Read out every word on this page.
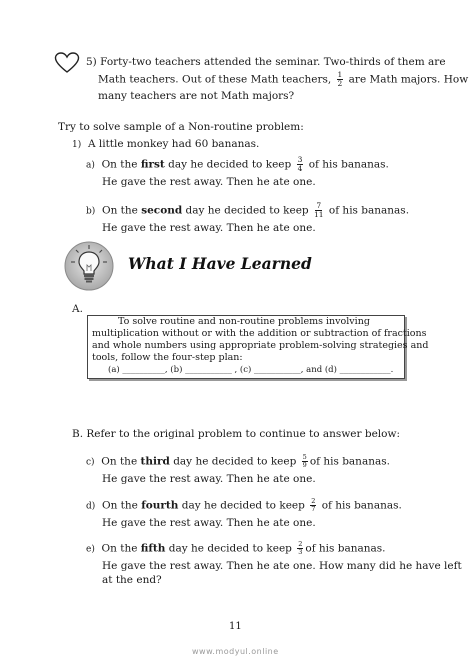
5) Forty-two teachers attended the seminar. Two-thirds of them are
Math teachers. Out of these Math teachers, $\frac{1}{2}$ are Math majors. How
many teachers are not Math majors?
Try to solve sample of a Non-routine problem:
1) A little monkey had 60 bananas.
a) On the first day he decided to keep $\frac{3}{4}$ of his bananas.
He gave the rest away. Then he ate one.
b) On the second day he decided to keep $\frac{7}{11}$ of his bananas.
He gave the rest away. Then he ate one.
What I Have Learned
A.
To solve routine and non-routine problems involving
multiplication without or with the addition or subtraction of fractions
and whole numbers using appropriate problem-solving strategies and
tools, follow the four-step plan:
(a) __________, (b) ___________ , (c) ___________, and (d) ____________.
B. Refer to the original problem to continue to answer below:
c) On the third day he decided to keep $\frac{5}{9}$ of his bananas.
He gave the rest away. Then he ate one.
d) On the fourth day he decided to keep $\frac{2}{7}$ of his bananas.
He gave the rest away. Then he ate one.
e) On the fifth day he decided to keep $\frac{2}{3}$ of his bananas.
He gave the rest away. Then he ate one. How many did he have left
at the end?
11
www.modyul.online
